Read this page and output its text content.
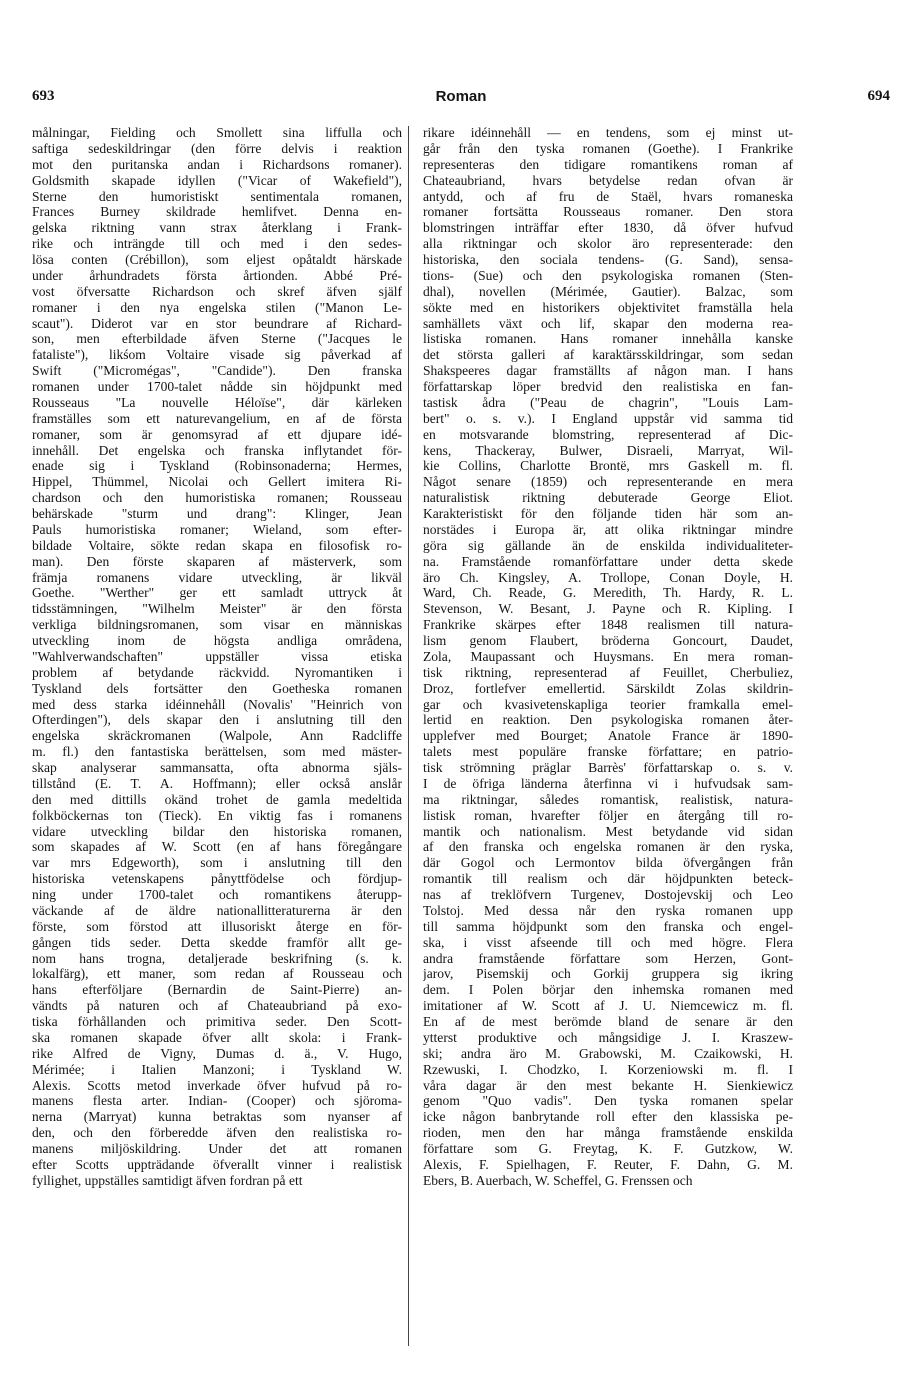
693	Roman	694
målningar, Fielding och Smollett sina liffulla och
saftiga sedeskildringar (den förre delvis i reaktion
mot den puritanska andan i Richardsons romaner).
Goldsmith skapade idyllen ("Vicar of Wakefield"),
Sterne den humoristiskt sentimentala romanen,
Frances Burney skildrade hemlifvet. Denna en-
gelska riktning vann strax återklang i Frank-
rike och inträngde till och med i den sedes-
lösa conten (Crébillon), som eljest opåtaldt härskade
under århundradets första årtionden. Abbé Pré-
vost öfversatte Richardson och skref äfven själf
romaner i den nya engelska stilen ("Manon Le-
scaut"). Diderot var en stor beundrare af Richard-
son, men efterbildade äfven Sterne ("Jacques le
fataliste"), likśom Voltaire visade sig påverkad af
Swift ("Micromégas", "Candide"). Den franska
romanen under 1700-talet nådde sin höjdpunkt med
Rousseaus "La nouvelle Héloïse", där kärleken
framställes som ett naturevangelium, en af de första
romaner, som är genomsyrad af ett djupare idé-
innehåll. Det engelska och franska inflytandet för-
enade sig i Tyskland (Robinsonaderna; Hermes,
Hippel, Thümmel, Nicolai och Gellert imitera Ri-
chardson och den humoristiska romanen; Rousseau
behärskade "sturm und drang": Klinger, Jean
Pauls humoristiska romaner; Wieland, som efter-
bildade Voltaire, sökte redan skapa en filosofisk ro-
man). Den förste skaparen af mästerverk, som
främja romanens vidare utveckling, är likväl
Goethe. "Werther" ger ett samladt uttryck åt
tidsstämningen, "Wilhelm Meister" är den första
verkliga bildningsromanen, som visar en människas
utveckling inom de högsta andliga områdena,
"Wahlverwandschaften" uppställer vissa etiska
problem af betydande räckvidd. Nyromantiken i
Tyskland dels fortsätter den Goetheska romanen
med dess starka idéinnehåll (Novalis' "Heinrich von
Ofterdingen"), dels skapar den i anslutning till den
engelska skräckromanen (Walpole, Ann Radcliffe
m. fl.) den fantastiska berättelsen, som med mäster-
skap analyserar sammansatta, ofta abnorma själs-
tillstånd (E. T. A. Hoffmann); eller också anslår
den med dittills okänd trohet de gamla medeltida
folkböckernas ton (Tieck). En viktig fas i romanens
vidare utveckling bildar den historiska romanen,
som skapades af W. Scott (en af hans föregångare
var mrs Edgeworth), som i anslutning till den
historiska vetenskapens pånyttfödelse och fördjup-
ning under 1700-talet och romantikens återupp-
väckande af de äldre nationallitteraturerna är den
förste, som förstod att illusoriskt återge en för-
gången tids seder. Detta skedde framför allt ge-
nom hans trogna, detaljerade beskrifning (s. k.
lokalfärg), ett maner, som redan af Rousseau och
hans efterföljare (Bernardin de Saint-Pierre) an-
vändts på naturen och af Chateaubriand på exo-
tiska förhållanden och primitiva seder. Den Scott-
ska romanen skapade öfver allt skola: i Frank-
rike Alfred de Vigny, Dumas d. ä., V. Hugo,
Mérimée; i Italien Manzoni; i Tyskland W.
Alexis. Scotts metod inverkade öfver hufvud på ro-
manens flesta arter. Indian- (Cooper) och sjöroma-
nerna (Marryat) kunna betraktas som nyanser af
den, och den förberedde äfven den realistiska ro-
manens miljöskildring. Under det att romanen
efter Scotts uppträdande öfverallt vinner i realistisk
fyllighet, uppställes samtidigt äfven fordran på ett
rikare idéinnehåll — en tendens, som ej minst ut-
går från den tyska romanen (Goethe). I Frankrike
representeras den tidigare romantikens roman af
Chateaubriand, hvars betydelse redan ofvan är
antydd, och af fru de Staël, hvars romaneska
romaner fortsätta Rousseaus romaner. Den stora
blomstringen inträffar efter 1830, då öfver hufvud
alla riktningar och skolor äro representerade: den
historiska, den sociala tendens- (G. Sand), sensa-
tions- (Sue) och den psykologiska romanen (Sten-
dhal), novellen (Mérimée, Gautier). Balzac, som
sökte med en historikers objektivitet framställa hela
samhällets växt och lif, skapar den moderna rea-
listiska romanen. Hans romaner innehålla kanske
det största galleri af karaktärsskildringar, som sedan
Shakspeeres dagar framställts af någon man. I hans
författarskap löper bredvid den realistiska en fan-
tastisk ådra ("Peau de chagrin", "Louis Lam-
bert" o. s. v.). I England uppstår vid samma tid
en motsvarande blomstring, representerad af Dic-
kens, Thackeray, Bulwer, Disraeli, Marryat, Wil-
kie Collins, Charlotte Brontë, mrs Gaskell m. fl.
Något senare (1859) och representerande en mera
naturalistisk riktning debuterade George Eliot.
Karakteristiskt för den följande tiden här som an-
norstädes i Europa är, att olika riktningar mindre
göra sig gällande än de enskilda individualiteter-
na. Framstående romanförfattare under detta skede
äro Ch. Kingsley, A. Trollope, Conan Doyle, H.
Ward, Ch. Reade, G. Meredith, Th. Hardy, R. L.
Stevenson, W. Besant, J. Payne och R. Kipling. I
Frankrike skärpes efter 1848 realismen till natura-
lism genom Flaubert, bröderna Goncourt, Daudet,
Zola, Maupassant och Huysmans. En mera roman-
tisk riktning, representerad af Feuillet, Cherbuliez,
Droz, fortlefver emellertid. Särskildt Zolas skildrin-
gar och kvasivetenskapliga teorier framkalla emel-
lertid en reaktion. Den psykologiska romanen åter-
upplefver med Bourget; Anatole France är 1890-
talets mest populäre franske författare; en patrio-
tisk strömning präglar Barrès' författarskap o. s. v.
I de öfriga länderna återfinna vi i hufvudsak sam-
ma riktningar, således romantisk, realistisk, natura-
listisk roman, hvarefter följer en återgång till ro-
mantik och nationalism. Mest betydande vid sidan
af den franska och engelska romanen är den ryska,
där Gogol och Lermontov bilda öfvergången från
romantik till realism och där höjdpunkten beteck-
nas af treklöfvern Turgenev, Dostojevskij och Leo
Tolstoj. Med dessa når den ryska romanen upp
till samma höjdpunkt som den franska och engel-
ska, i visst afseende till och med högre. Flera
andra framstående författare som Herzen, Gont-
jarov, Pisemskij och Gorkij gruppera sig ikring
dem. I Polen börjar den inhemska romanen med
imitationer af W. Scott af J. U. Niemcewicz m. fl.
En af de mest berömde bland de senare är den
ytterst produktive och mångsidige J. I. Kraszew-
ski; andra äro M. Grabowski, M. Czaikowski, H.
Rzewuski, I. Chodzko, I. Korzeniowski m. fl. I
våra dagar är den mest bekante H. Sienkiewicz
genom "Quo vadis". Den tyska romanen spelar
icke någon banbrytande roll efter den klassiska pe-
rioden, men den har många framstående enskilda
författare som G. Freytag, K. F. Gutzkow, W.
Alexis, F. Spielhagen, F. Reuter, F. Dahn, G. M.
Ebers, B. Auerbach, W. Scheffel, G. Frenssen och
